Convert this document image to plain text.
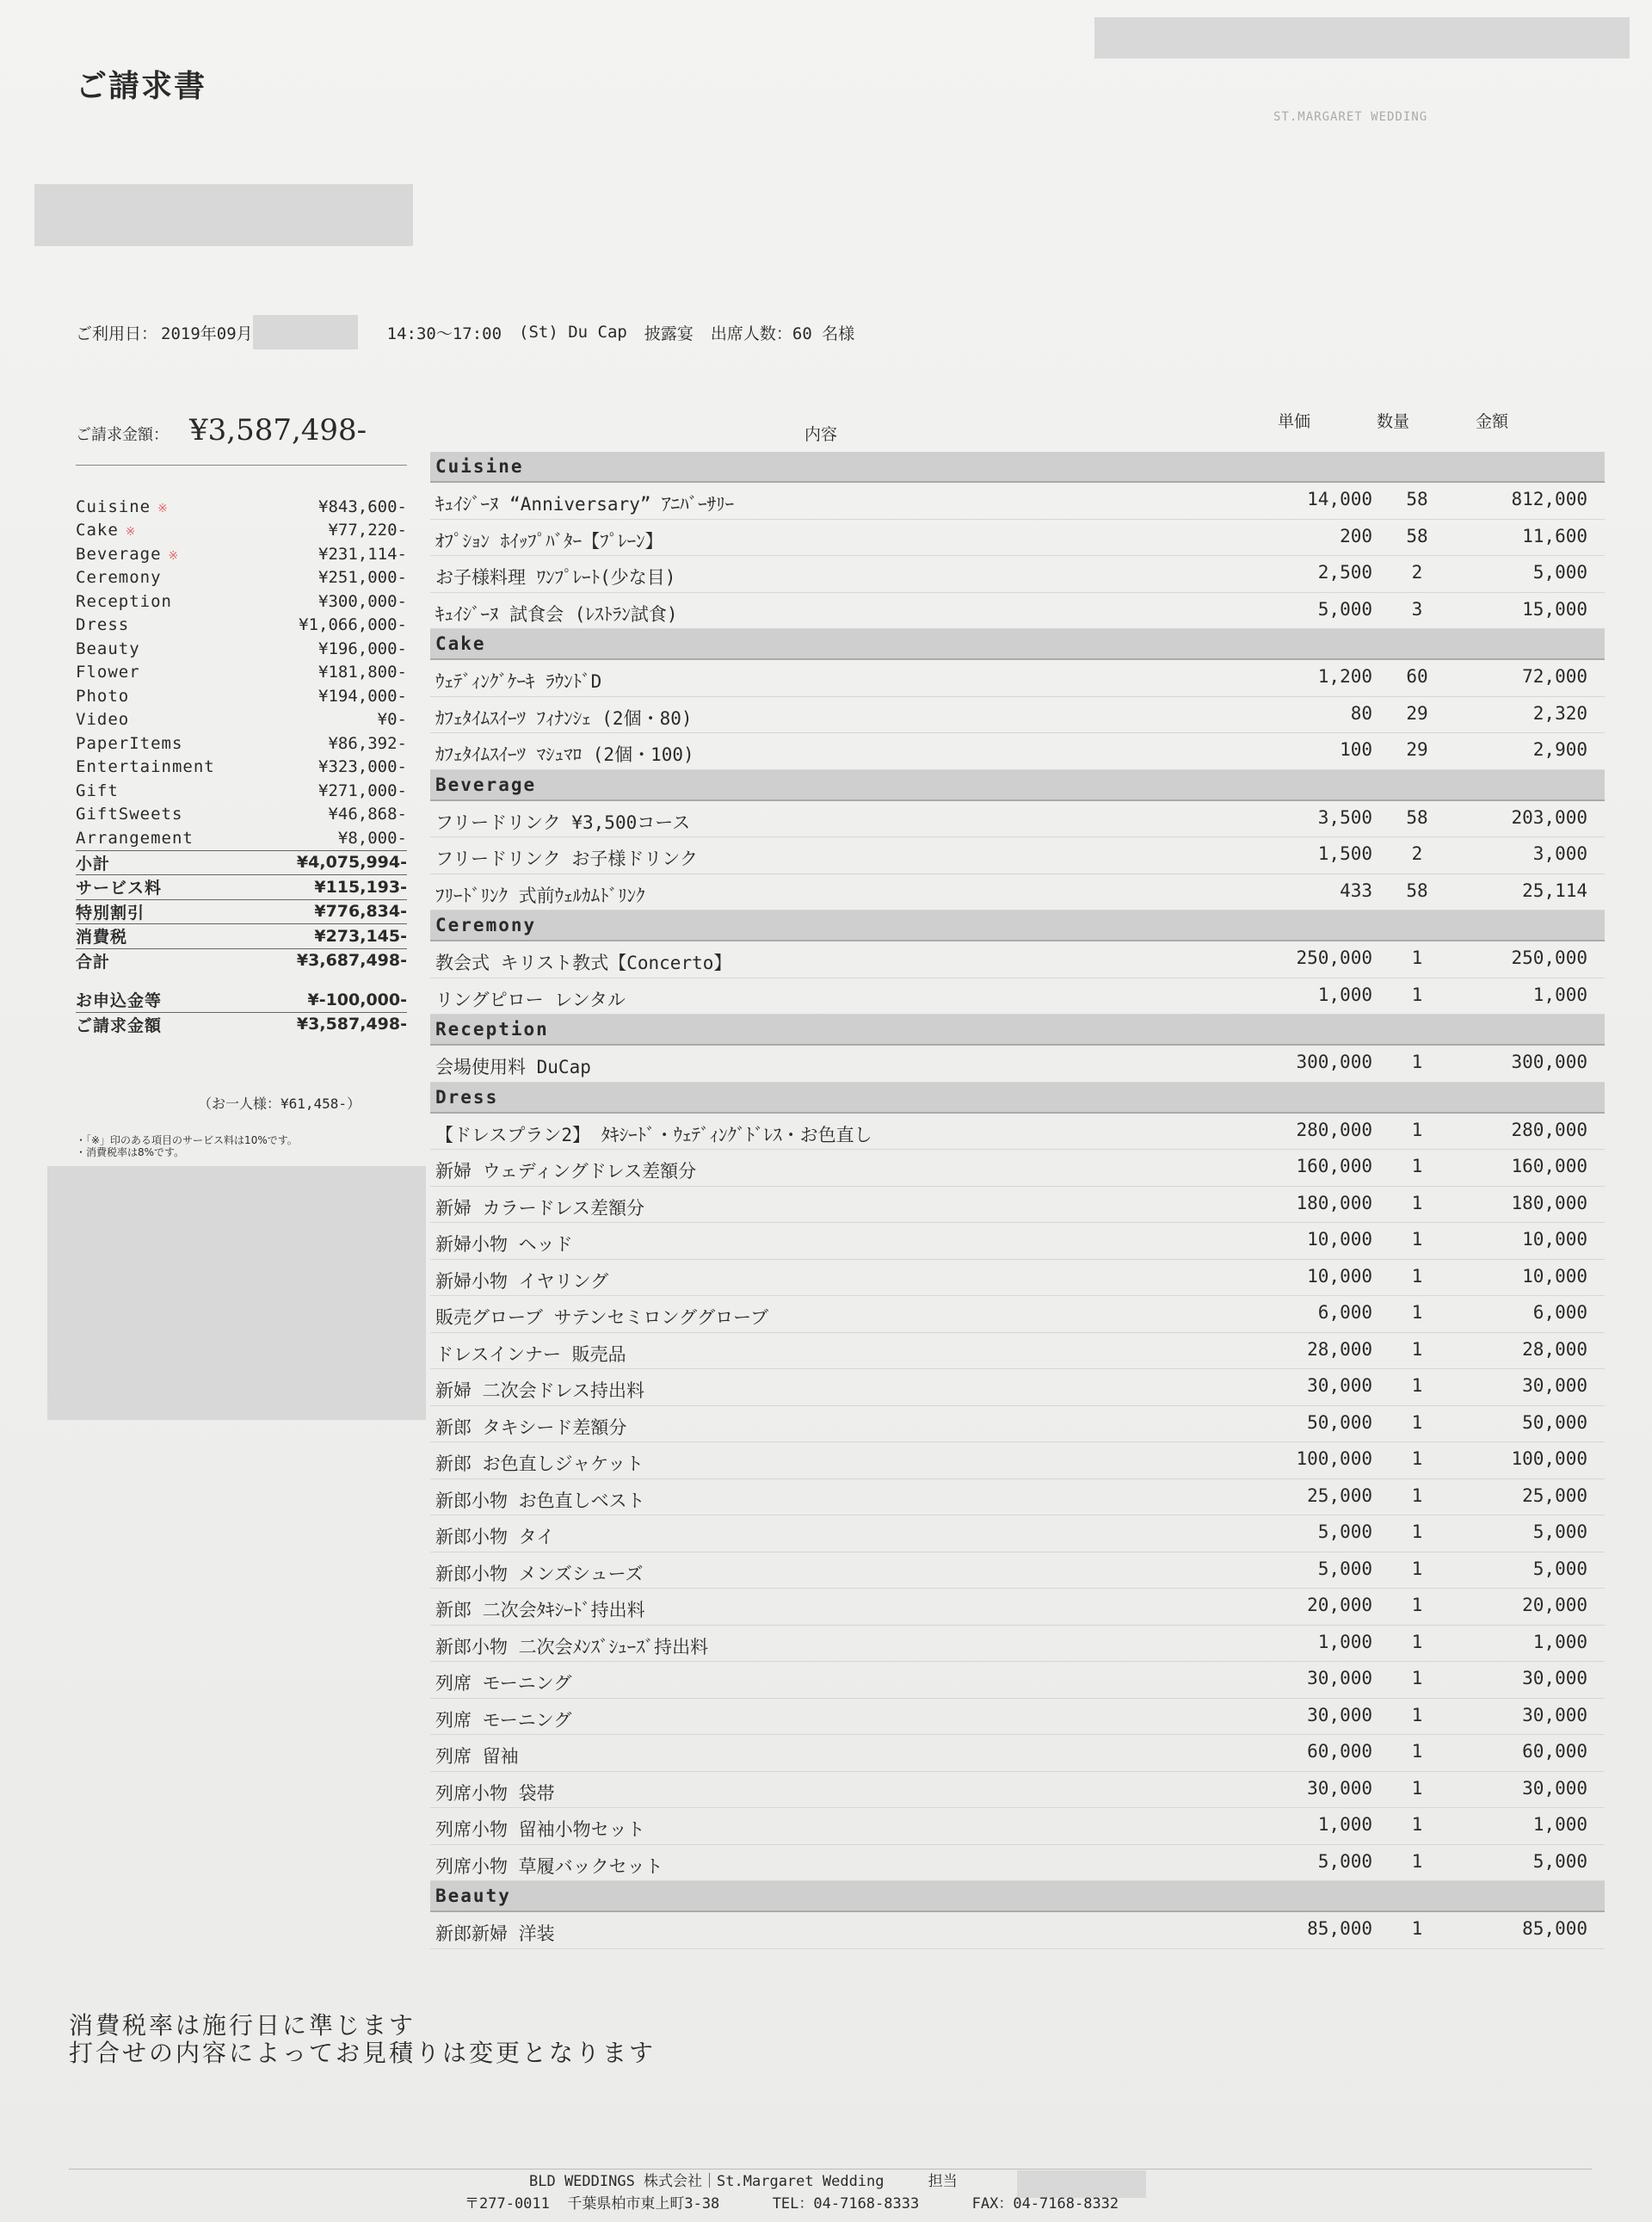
ご請求書
ST.MARGARET WEDDING
ご利用日： 2019年09月	14:30～17:00 (St) Du Cap 披露宴 出席人数：60 名様
ご請求金額： ¥3,587,498-
Cuisine ※	¥843,600-
Cake ※	¥77,220-
Beverage ※	¥231,114-
Ceremony	¥251,000-
Reception	¥300,000-
Dress	¥1,066,000-
Beauty	¥196,000-
Flower	¥181,800-
Photo	¥194,000-
Video	¥0-
PaperItems	¥86,392-
Entertainment	¥323,000-
Gift	¥271,000-
GiftSweets	¥46,868-
Arrangement	¥8,000-
小計	¥4,075,994-
サービス料	¥115,193-
特別割引	¥776,834-
消費税	¥273,145-
合計	¥3,687,498-
お申込金等	¥-100,000-
ご請求金額	¥3,587,498-
（お一人様：¥61,458-）
・「※」印のある項目のサービス料は10%です。
・消費税率は8%です。
内容
単価	数量	金額
Cuisine
ｷｭｲｼﾞｰﾇ “Anniversary” ｱﾆﾊﾞｰｻﾘｰ	14,000	58	812,000
ｵﾌﾟｼｮﾝ ﾎｲｯﾌﾟﾊﾞﾀｰ【ﾌﾟﾚｰﾝ】	200	58	11,600
お子様料理 ﾜﾝﾌﾟﾚｰﾄ(少な目)	2,500	2	5,000
ｷｭｲｼﾞｰﾇ 試食会 (ﾚｽﾄﾗﾝ試食)	5,000	3	15,000
Cake
ｳｪﾃﾞｨﾝｸﾞｹｰｷ ﾗｳﾝﾄﾞD	1,200	60	72,000
ｶﾌｪﾀｲﾑｽｲｰﾂ ﾌｨﾅﾝｼｪ (2個・80)	80	29	2,320
ｶﾌｪﾀｲﾑｽｲｰﾂ ﾏｼｭﾏﾛ (2個・100)	100	29	2,900
Beverage
フリードリンク ¥3,500コース	3,500	58	203,000
フリードリンク お子様ドリンク	1,500	2	3,000
ﾌﾘｰﾄﾞﾘﾝｸ 式前ｳｪﾙｶﾑﾄﾞﾘﾝｸ	433	58	25,114
Ceremony
教会式 キリスト教式【Concerto】	250,000	1	250,000
リングピロー レンタル	1,000	1	1,000
Reception
会場使用料 DuCap	300,000	1	300,000
Dress
【ドレスプラン2】 ﾀｷｼｰﾄﾞ・ｳｪﾃﾞｨﾝｸﾞﾄﾞﾚｽ・お色直し	280,000	1	280,000
新婦 ウェディングドレス差額分	160,000	1	160,000
新婦 カラードレス差額分	180,000	1	180,000
新婦小物 ヘッド	10,000	1	10,000
新婦小物 イヤリング	10,000	1	10,000
販売グローブ サテンセミロンググローブ	6,000	1	6,000
ドレスインナー 販売品	28,000	1	28,000
新婦 二次会ドレス持出料	30,000	1	30,000
新郎 タキシード差額分	50,000	1	50,000
新郎 お色直しジャケット	100,000	1	100,000
新郎小物 お色直しベスト	25,000	1	25,000
新郎小物 タイ	5,000	1	5,000
新郎小物 メンズシューズ	5,000	1	5,000
新郎 二次会ﾀｷｼｰﾄﾞ持出料	20,000	1	20,000
新郎小物 二次会ﾒﾝｽﾞｼｭｰｽﾞ持出料	1,000	1	1,000
列席 モーニング	30,000	1	30,000
列席 モーニング	30,000	1	30,000
列席 留袖	60,000	1	60,000
列席小物 袋帯	30,000	1	30,000
列席小物 留袖小物セット	1,000	1	1,000
列席小物 草履バックセット	5,000	1	5,000
Beauty
新郎新婦 洋装	85,000	1	85,000
消費税率は施行日に準じます
打合せの内容によってお見積りは変更となります
BLD WEDDINGS 株式会社｜St.Margaret Wedding     担当
〒277-0011  千葉県柏市東上町3-38      TEL：04-7168-8333      FAX：04-7168-8332
